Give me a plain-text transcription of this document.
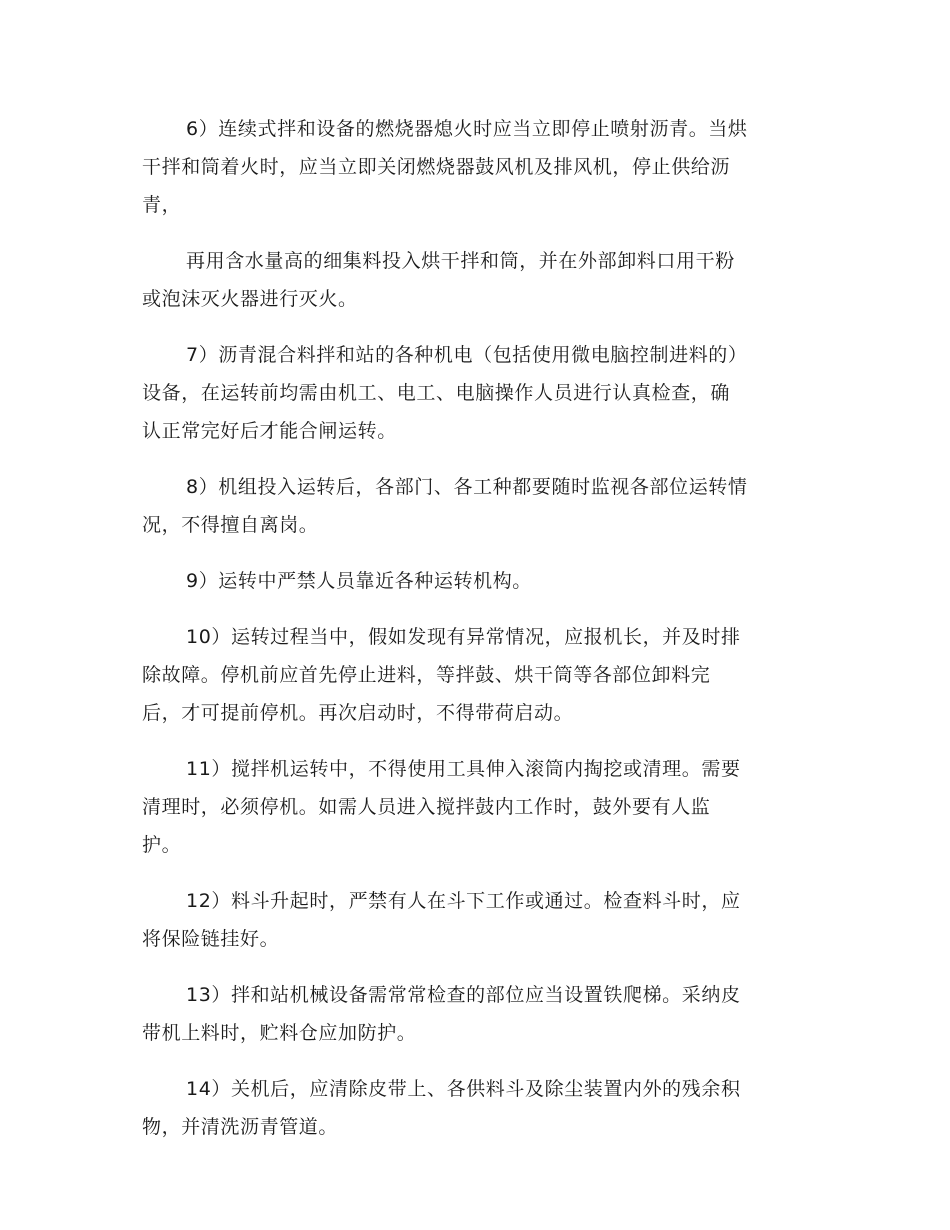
6）连续式拌和设备的燃烧器熄火时应当立即停止喷射沥青。当烘
干拌和筒着火时，应当立即关闭燃烧器鼓风机及排风机，停止供给沥
青，

再用含水量高的细集料投入烘干拌和筒，并在外部卸料口用干粉
或泡沫灭火器进行灭火。

7）沥青混合料拌和站的各种机电（包括使用微电脑控制进料的）
设备，在运转前均需由机工、电工、电脑操作人员进行认真检查，确
认正常完好后才能合闸运转。

8）机组投入运转后，各部门、各工种都要随时监视各部位运转情
况，不得擅自离岗。

9）运转中严禁人员靠近各种运转机构。

10）运转过程当中，假如发现有异常情况，应报机长，并及时排
除故障。停机前应首先停止进料，等拌鼓、烘干筒等各部位卸料完
后，才可提前停机。再次启动时，不得带荷启动。

11）搅拌机运转中，不得使用工具伸入滚筒内掏挖或清理。需要
清理时，必须停机。如需人员进入搅拌鼓内工作时，鼓外要有人监
护。

12）料斗升起时，严禁有人在斗下工作或通过。检查料斗时，应
将保险链挂好。

13）拌和站机械设备需常常检查的部位应当设置铁爬梯。采纳皮
带机上料时，贮料仓应加防护。

14）关机后，应清除皮带上、各供料斗及除尘装置内外的残余积
物，并清洗沥青管道。
